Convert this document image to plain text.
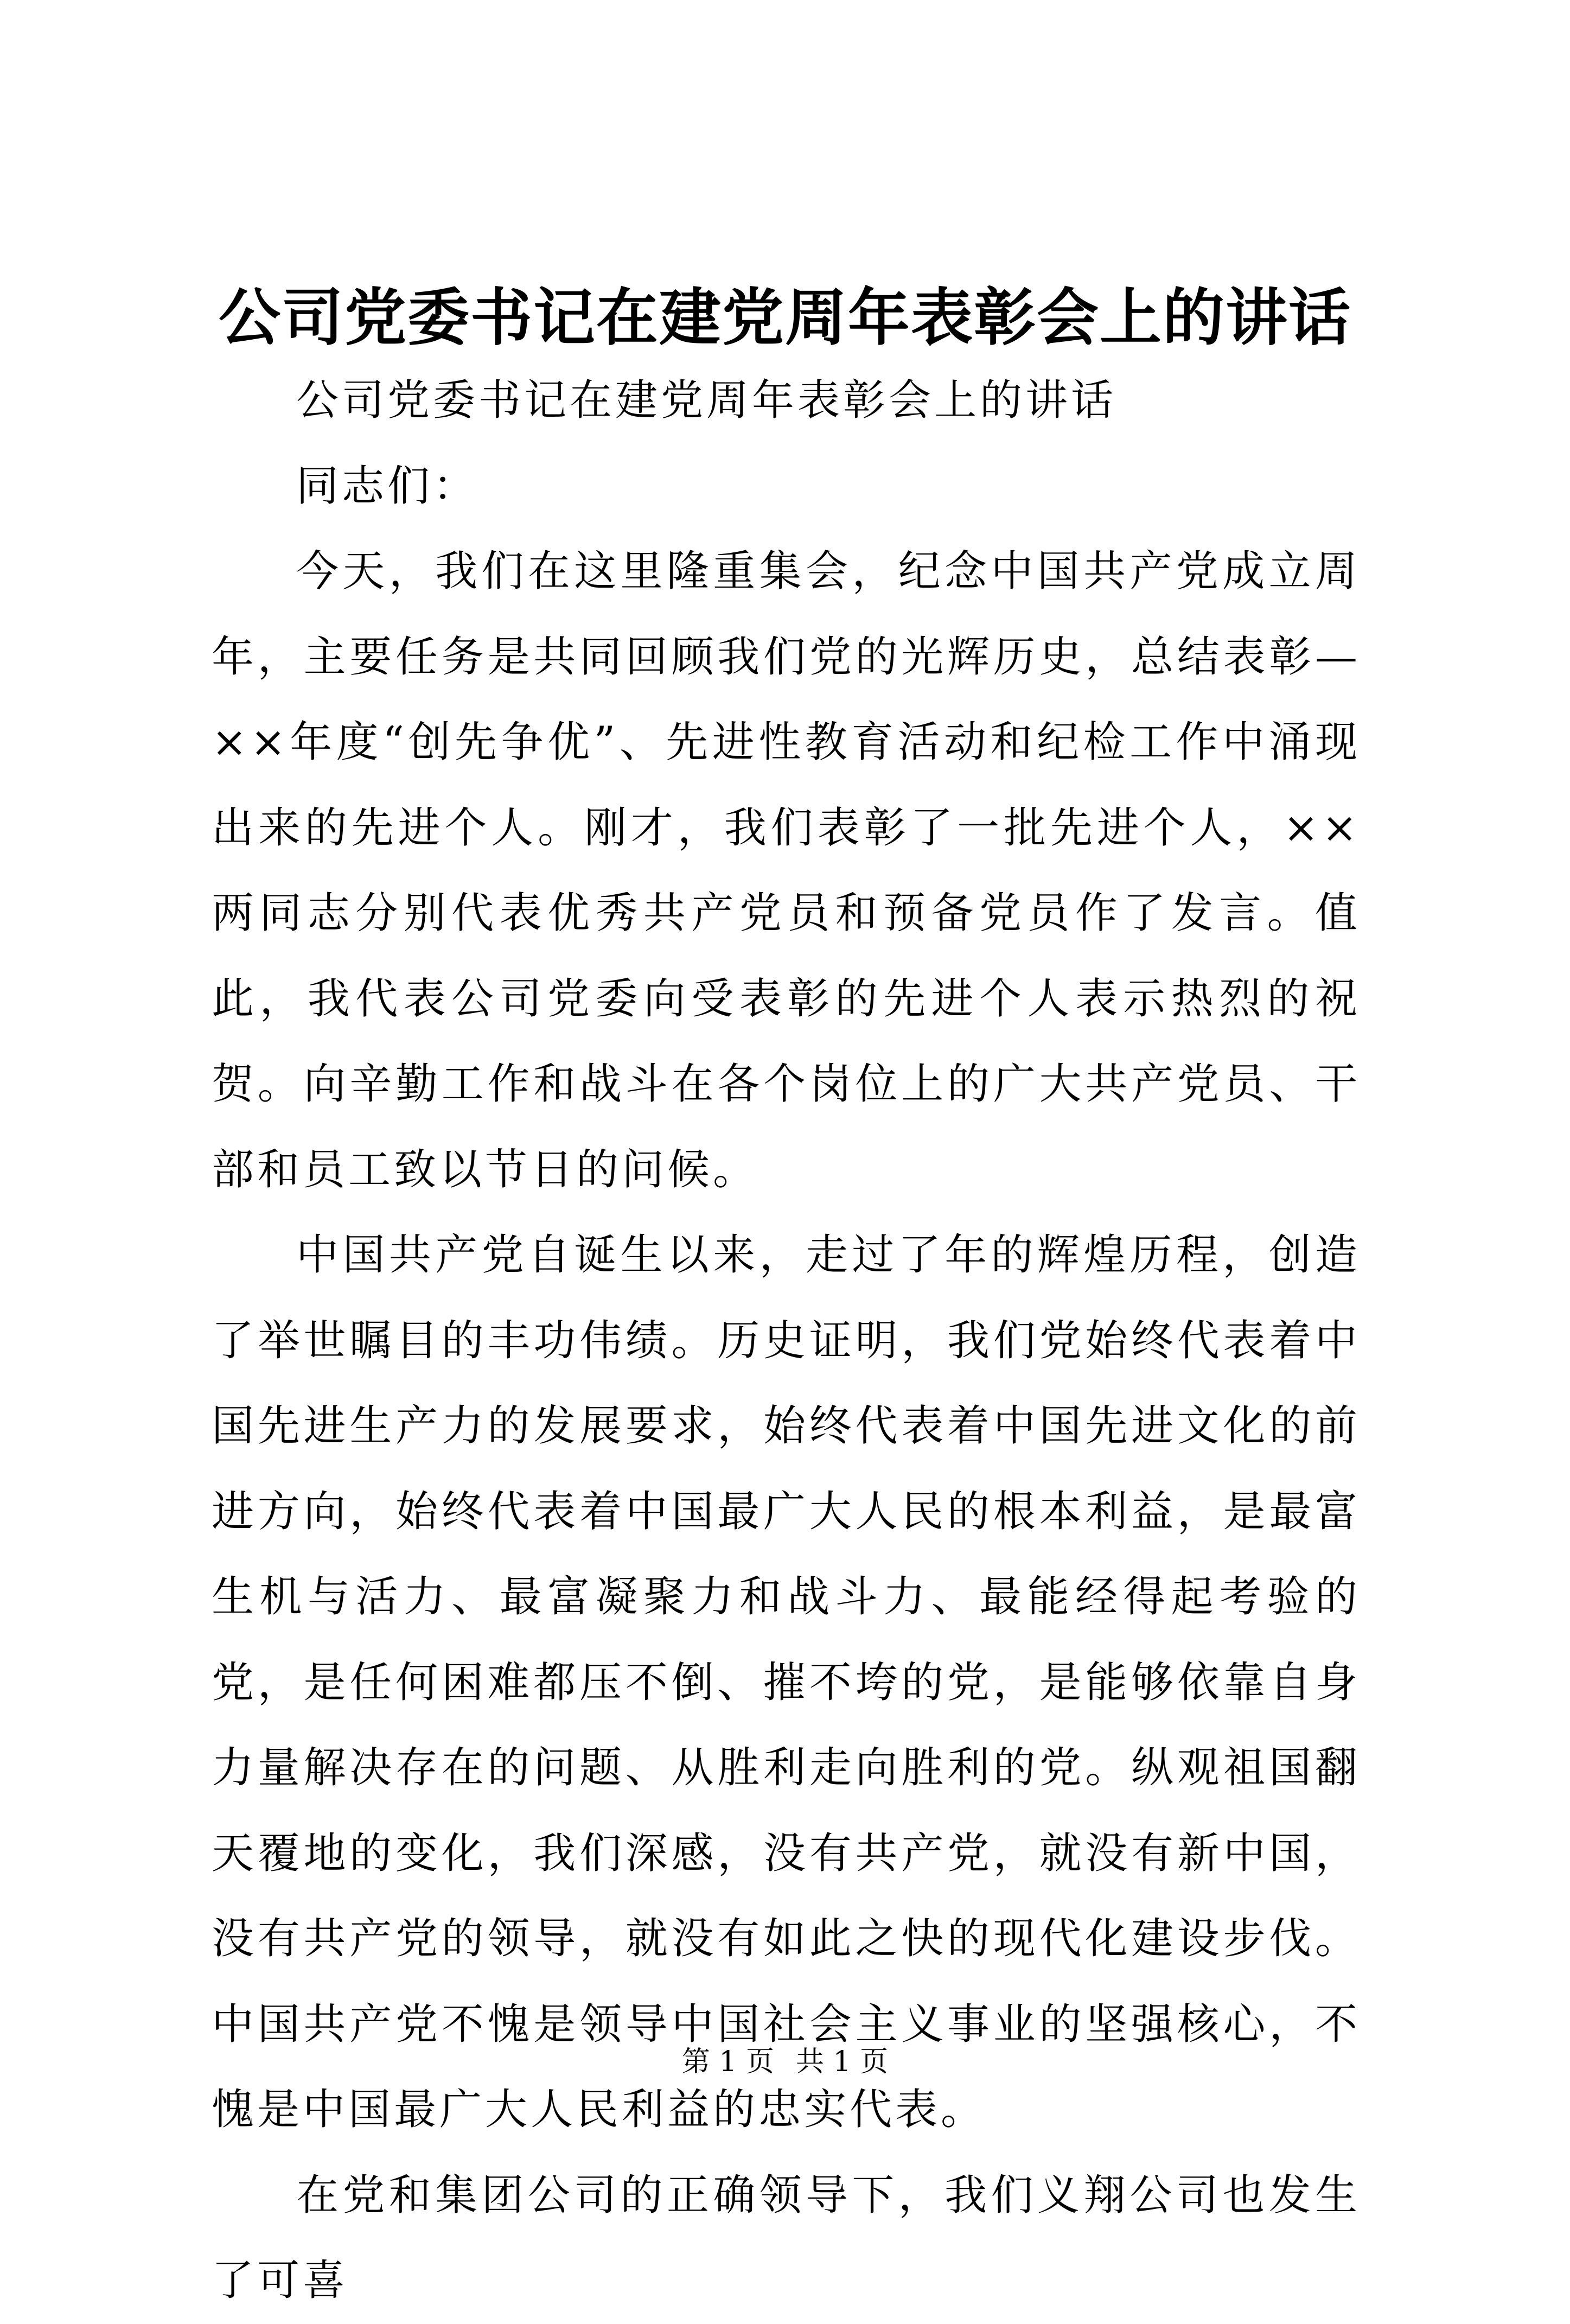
公司党委书记在建党周年表彰会上的讲话

公司党委书记在建党周年表彰会上的讲话

同志们：

今天，我们在这里隆重集会，纪念中国共产党成立周年，主要任务是共同回顾我们党的光辉历史，总结表彰—××年度“创先争优”、先进性教育活动和纪检工作中涌现出来的先进个人。刚才，我们表彰了一批先进个人，××两同志分别代表优秀共产党员和预备党员作了发言。值此，我代表公司党委向受表彰的先进个人表示热烈的祝贺。向辛勤工作和战斗在各个岗位上的广大共产党员、干部和员工致以节日的问候。

中国共产党自诞生以来，走过了年的辉煌历程，创造了举世瞩目的丰功伟绩。历史证明，我们党始终代表着中国先进生产力的发展要求，始终代表着中国先进文化的前进方向，始终代表着中国最广大人民的根本利益，是最富生机与活力、最富凝聚力和战斗力、最能经得起考验的党，是任何困难都压不倒、摧不垮的党，是能够依靠自身力量解决存在的问题、从胜利走向胜利的党。纵观祖国翻天覆地的变化，我们深感，没有共产党，就没有新中国，没有共产党的领导，就没有如此之快的现代化建设步伐。中国共产党不愧是领导中国社会主义事业的坚强核心，不愧是中国最广大人民利益的忠实代表。

在党和集团公司的正确领导下，我们义翔公司也发生了可喜

第 1 页 共 1 页
